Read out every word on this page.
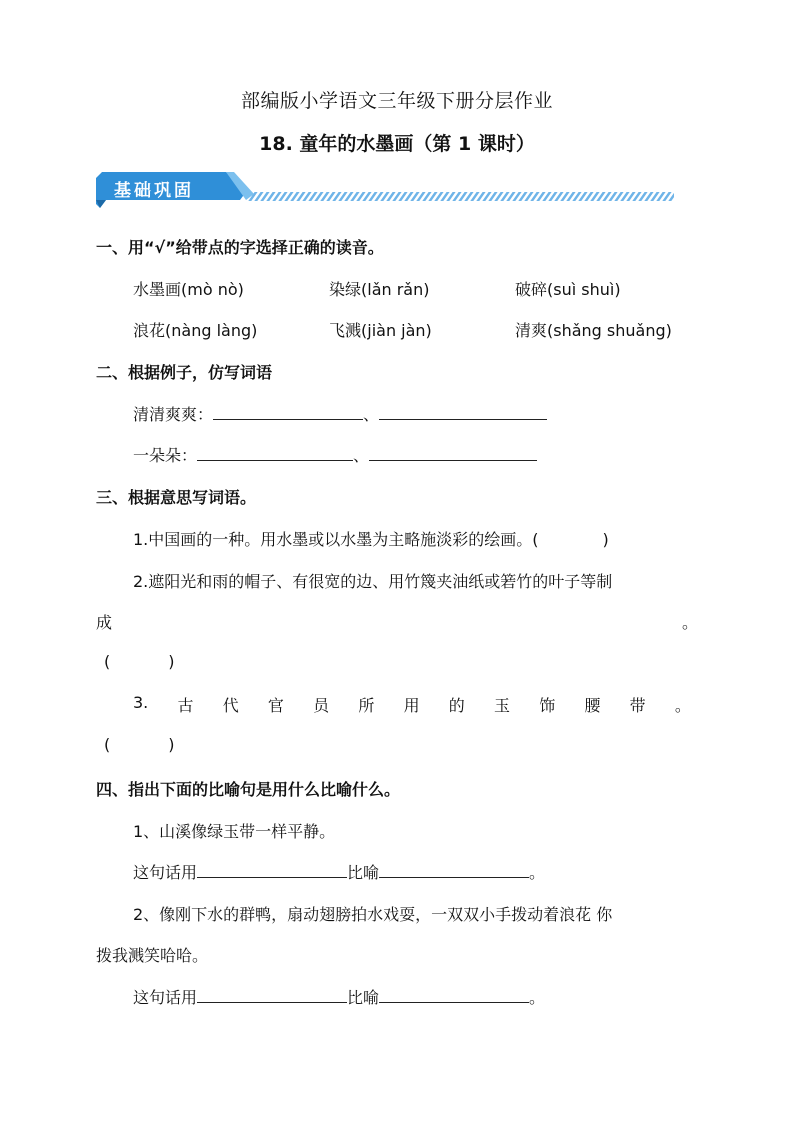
部编版小学语文三年级下册分层作业
18. 童年的水墨画（第 1 课时）
基础巩固
一、用“√”给带点的字选择正确的读音。
水墨画(mò nò)	染绿(lǎn rǎn)	破碎(suì shuì)
浪花(nàng làng)	飞溅(jiàn jàn)	清爽(shǎng shuǎng)
二、根据例子，仿写词语
清清爽爽：	、
一朵朵：	、
三、根据意思写词语。
1.中国画的一种。用水墨或以水墨为主略施淡彩的绘画。(	)
2.遮阳光和雨的帽子、有很宽的边、用竹篾夹油纸或箬竹的叶子等制
成	。
(	)
3. 古 代 官 员 所 用 的 玉 饰 腰 带 。
(	)
四、指出下面的比喻句是用什么比喻什么。
1、山溪像绿玉带一样平静。
这句话用	比喻	。
2、像刚下水的群鸭，扇动翅膀拍水戏耍，一双双小手拨动着浪花 你
拨我溅笑哈哈。
这句话用	比喻	。
